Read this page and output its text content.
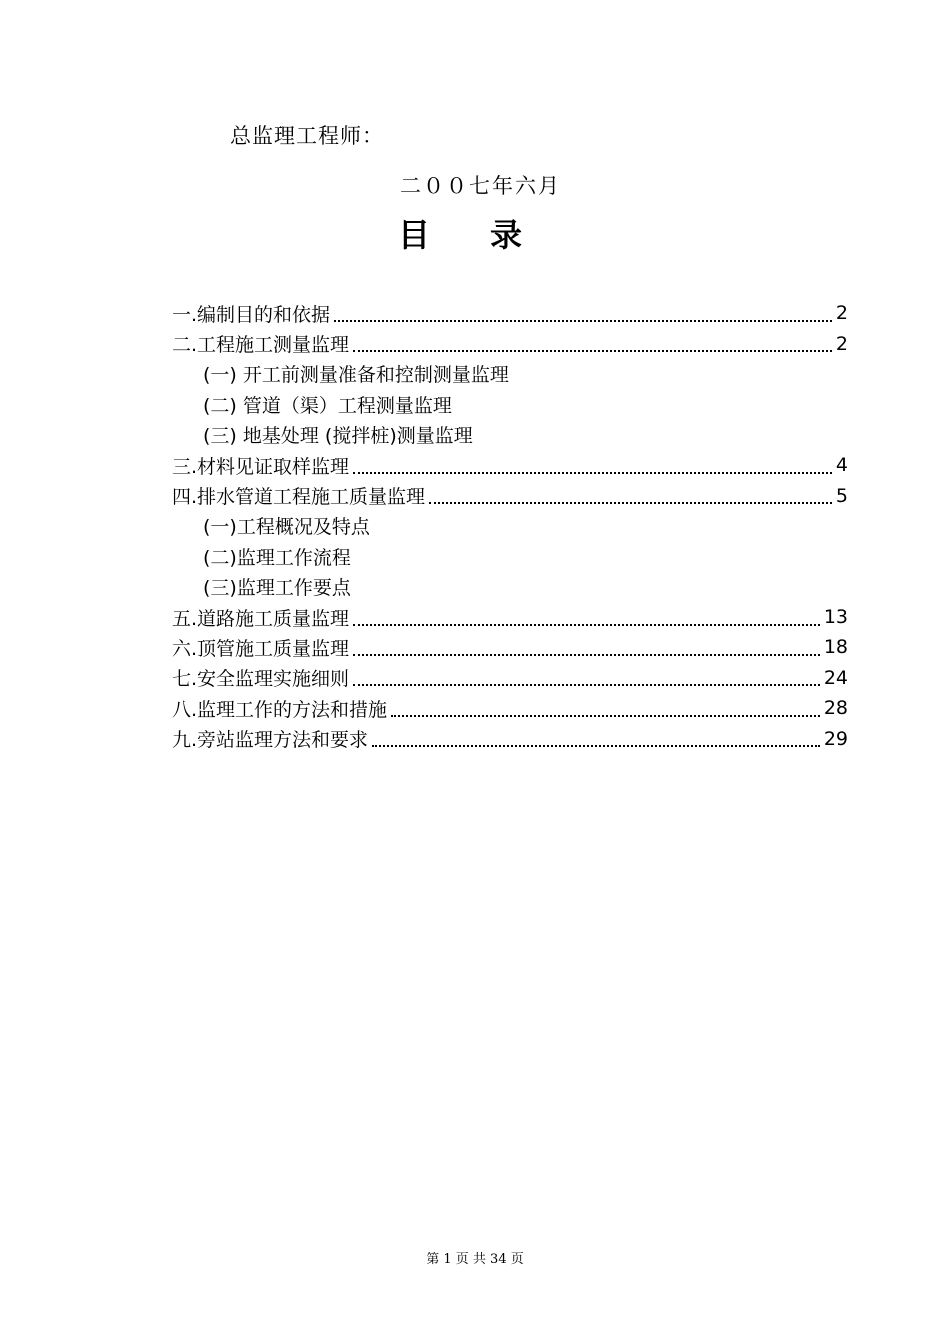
总监理工程师：
二００七年六月
目 录
一.编制目的和依据	2
二.工程施工测量监理	2
(一) 开工前测量准备和控制测量监理
(二) 管道（渠）工程测量监理
(三) 地基处理 (搅拌桩)测量监理
三.材料见证取样监理	4
四.排水管道工程施工质量监理	5
(一)工程概况及特点
(二)监理工作流程
(三)监理工作要点
五.道路施工质量监理	13
六.顶管施工质量监理	18
七.安全监理实施细则	24
八.监理工作的方法和措施	28
九.旁站监理方法和要求	29
第 1 页 共 34 页
